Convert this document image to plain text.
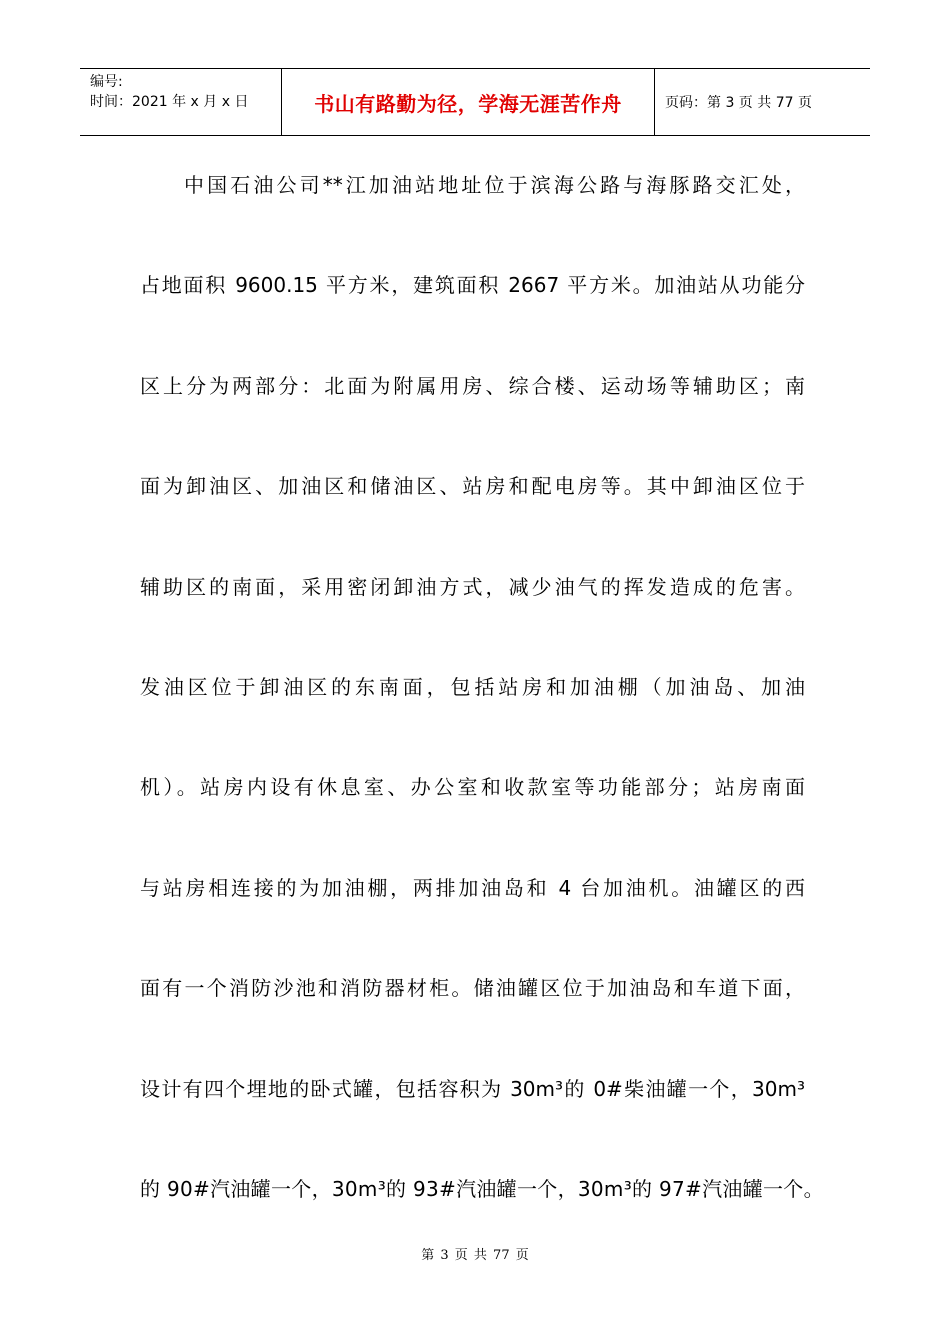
编号:
时间：2021 年 x 月 x 日	书山有路勤为径，学海无涯苦作舟	页码：第 3 页 共 77 页
中国石油公司**江加油站地址位于滨海公路与海豚路交汇处，
占地面积 9600.15 平方米，建筑面积 2667 平方米。加油站从功能分
区上分为两部分：北面为附属用房、综合楼、运动场等辅助区；南
面为卸油区、加油区和储油区、站房和配电房等。其中卸油区位于
辅助区的南面，采用密闭卸油方式，减少油气的挥发造成的危害。
发油区位于卸油区的东南面，包括站房和加油棚（加油岛、加油
机）。站房内设有休息室、办公室和收款室等功能部分；站房南面
与站房相连接的为加油棚，两排加油岛和 4 台加油机。油罐区的西
面有一个消防沙池和消防器材柜。储油罐区位于加油岛和车道下面，
设计有四个埋地的卧式罐，包括容积为 30m³的 0#柴油罐一个，30m³
的 90#汽油罐一个，30m³的 93#汽油罐一个，30m³的 97#汽油罐一个。
第 3 页 共 77 页
